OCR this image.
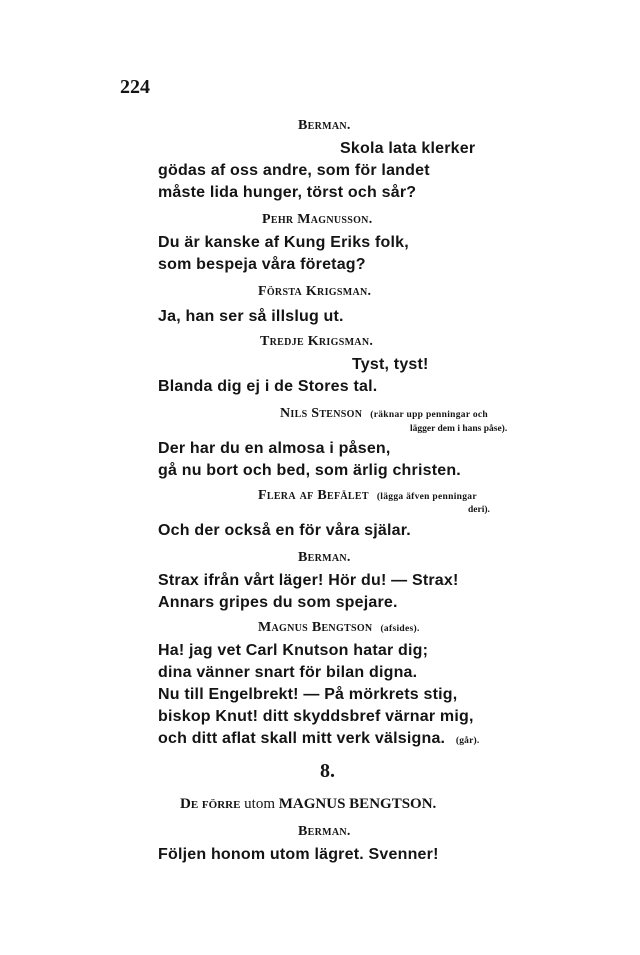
224
Berman.
Skola lata klerker
gödas af oss andre, som för landet
måste lida hunger, törst och sår?
Pehr Magnusson.
Du är kanske af Kung Eriks folk,
som bespeja våra företag?
Första Krigsman.
Ja, han ser så illslug ut.
Tredje Krigsman.
Tyst, tyst!
Blanda dig ej i de Stores tal.
Nils Stenson (räknar upp penningar och
lägger dem i hans påse).
Der har du en almosa i påsen,
gå nu bort och bed, som ärlig christen.
Flera af Befälet (lägga äfven penningar
deri).
Och der också en för våra själar.
Berman.
Strax ifrån vårt läger! Hör du! — Strax!
Annars gripes du som spejare.
Magnus Bengtson (afsides).
Ha! jag vet Carl Knutson hatar dig;
dina vänner snart för bilan digna.
Nu till Engelbrekt! — På mörkrets stig,
biskop Knut! ditt skyddsbref värnar mig,
och ditt aflat skall mitt verk välsigna. (går).
8.
De förre utom MAGNUS BENGTSON.
Berman.
Följen honom utom lägret. Svenner!
